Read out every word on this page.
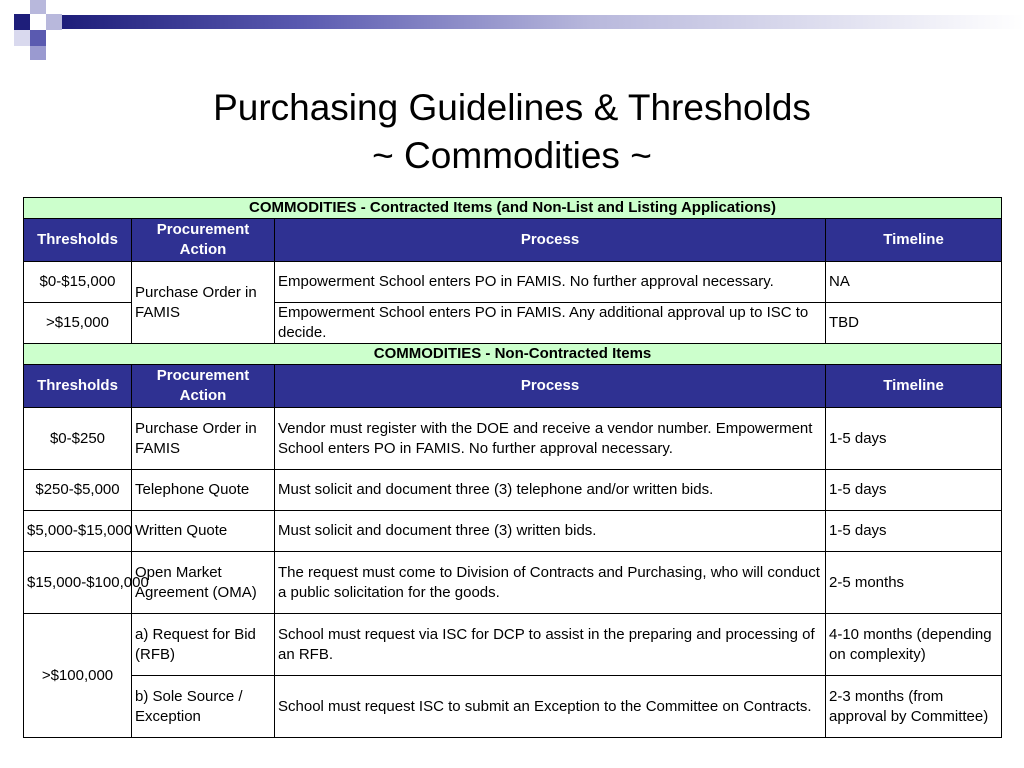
Purchasing Guidelines & Thresholds
~ Commodities ~
COMMODITIES - Contracted Items (and Non-List and Listing Applications)			
Thresholds	Procurement Action	Process	Timeline
$0-$15,000	Purchase Order in FAMIS	Empowerment School enters PO in FAMIS. No further approval necessary.	NA
>$15,000		Empowerment School enters PO in FAMIS. Any additional approval up to ISC to decide.	TBD
COMMODITIES - Non-Contracted Items			
Thresholds	Procurement Action	Process	Timeline
$0-$250	Purchase Order in FAMIS	Vendor must register with the DOE and receive a vendor number. Empowerment School enters PO in FAMIS. No further approval necessary.	1-5 days
$250-$5,000	Telephone Quote	Must solicit and document three (3) telephone and/or written bids.	1-5 days
$5,000-$15,000	Written Quote	Must solicit and document three (3) written bids.	1-5 days
$15,000-$100,000	Open Market Agreement (OMA)	The request must come to Division of Contracts and Purchasing, who will conduct a public solicitation for the goods.	2-5 months
>$100,000	a) Request for Bid (RFB)	School must request via ISC for DCP to assist in the preparing and processing of an RFB.	4-10 months (depending on complexity)
	b) Sole Source / Exception	School must request ISC to submit an Exception to the Committee on Contracts.	2-3 months (from approval by Committee)
